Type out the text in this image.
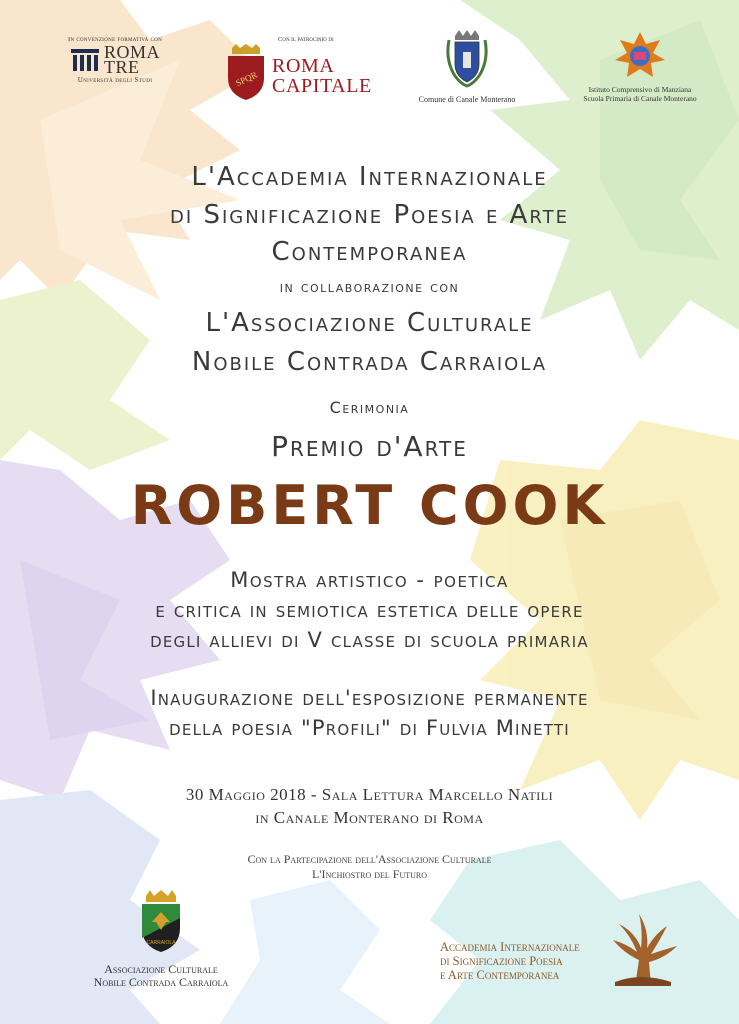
In convenzione formativa con
ROMA
TRE
Università degli Studi
Con il patrocinio di
SPQR
ROMA
CAPITALE
Comune di Canale Monterano
Istituto Comprensivo di Manziana
Scuola Primaria di Canale Monterano
L'Accademia Internazionale
di Significazione Poesia e Arte
Contemporanea
in collaborazione con
L'Associazione Culturale
Nobile Contrada Carraiola
Cerimonia
Premio d'Arte
ROBERT COOK
Mostra artistico - poetica
e critica in semiotica estetica delle opere
degli allievi di V classe di scuola primaria
Inaugurazione dell'esposizione permanente
della poesia "Profili" di Fulvia Minetti
30 Maggio 2018 - Sala Lettura Marcello Natili
in Canale Monterano di Roma
Con la Partecipazione dell'Associazione Culturale
L'Inchiostro del Futuro
CARRAIOLA
Associazione Culturale
Nobile Contrada Carraiola
Accademia Internazionale
di Significazione Poesia
e Arte Contemporanea
